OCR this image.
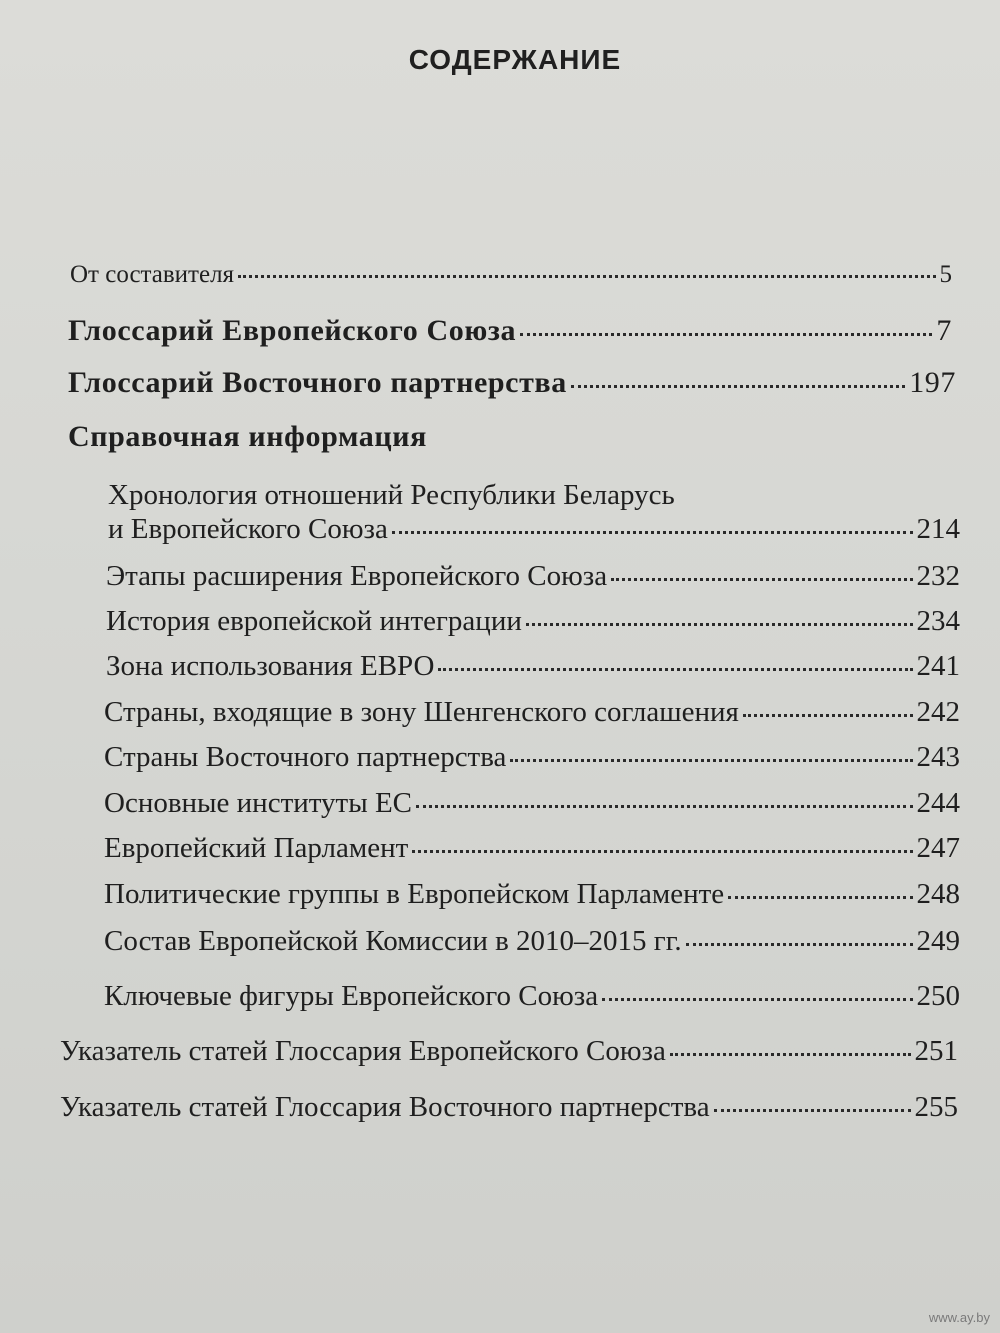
СОДЕРЖАНИЕ
От составителя	5
Глоссарий Европейского Союза	7
Глоссарий Восточного партнерства	197
Справочная информация
Хронология отношений Республики Беларусь
и Европейского Союза	214
Этапы расширения Европейского Союза	232
История европейской интеграции	234
Зона использования ЕВРО	241
Страны, входящие в зону Шенгенского соглашения	242
Страны Восточного партнерства	243
Основные институты ЕС	244
Европейский Парламент	247
Политические группы в Европейском Парламенте	248
Состав Европейской Комиссии в 2010–2015 гг.	249
Ключевые фигуры Европейского Союза	250
Указатель статей Глоссария Европейского Союза	251
Указатель статей Глоссария Восточного партнерства	255
www.ay.by
